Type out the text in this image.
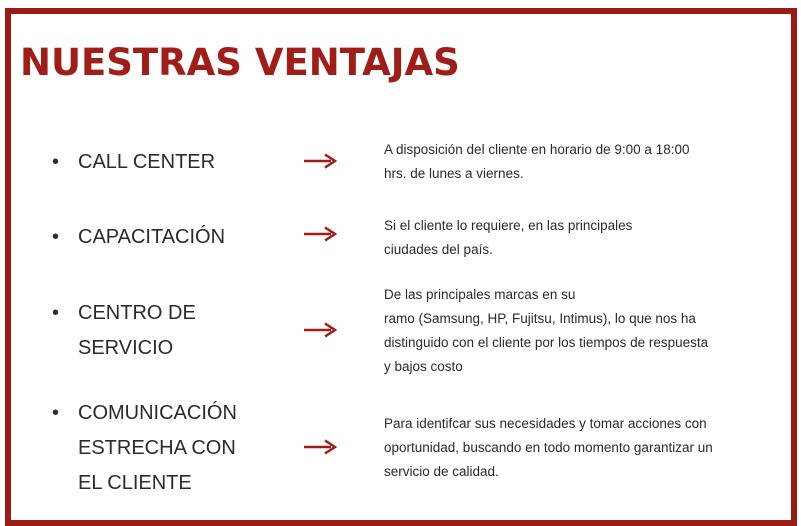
NUESTRAS VENTAJAS
• CALL CENTER
A disposición del cliente en horario de 9:00 a 18:00
hrs. de lunes a viernes.
• CAPACITACIÓN
Si el cliente lo requiere, en las principales
ciudades del país.
• CENTRO DE
SERVICIO
De las principales marcas en su
ramo (Samsung, HP, Fujitsu, Intimus), lo que nos ha
distinguido con el cliente por los tiempos de respuesta
y bajos costo
• COMUNICACIÓN
ESTRECHA CON
EL CLIENTE
Para identifcar sus necesidades y tomar acciones con
oportunidad, buscando en todo momento garantizar un
servicio de calidad.
